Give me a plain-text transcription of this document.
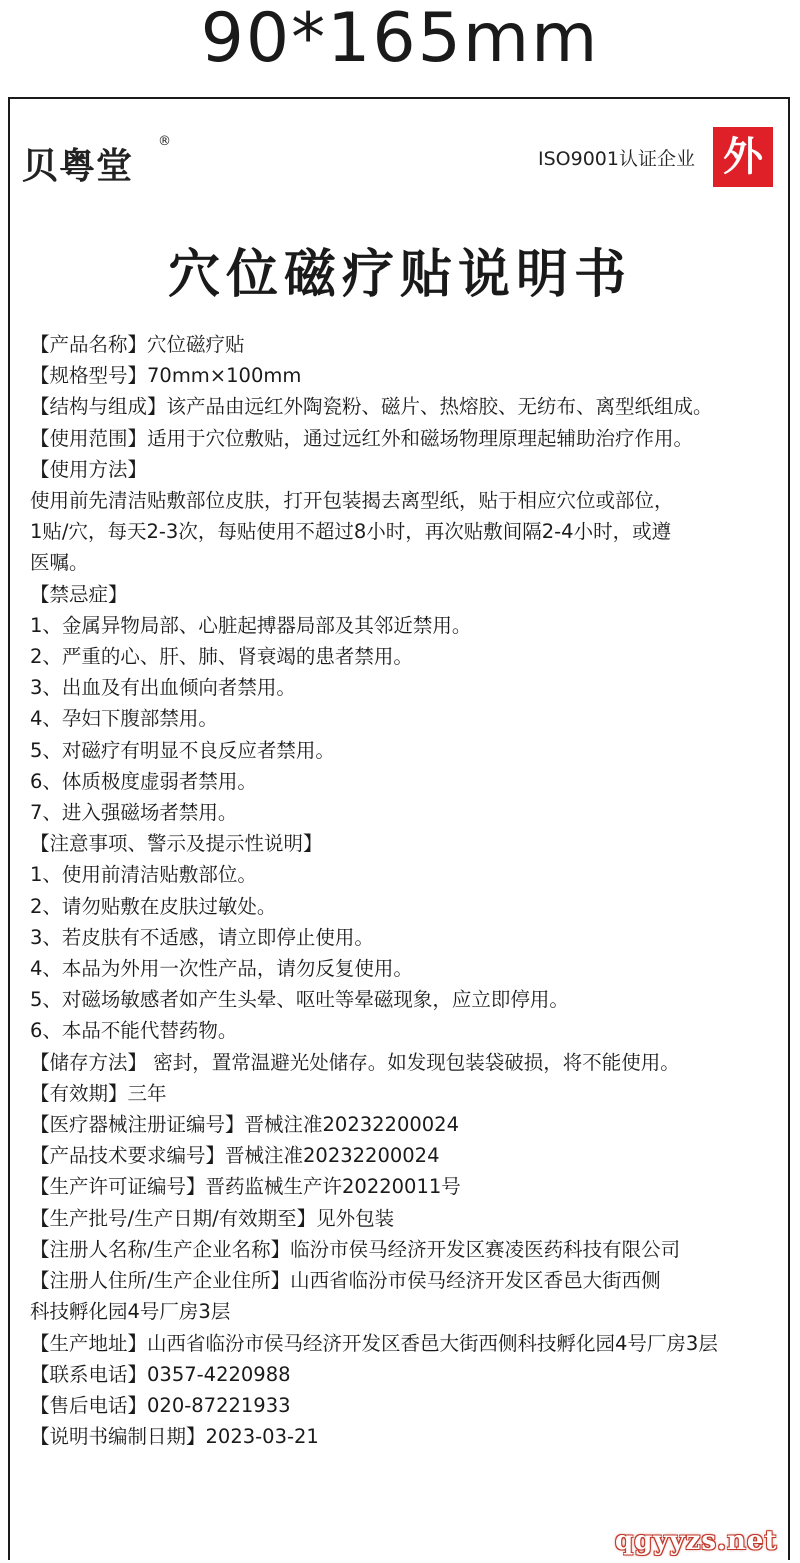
90*165mm
贝粤堂
®
ISO9001认证企业 外
穴位磁疗贴说明书
【产品名称】穴位磁疗贴
【规格型号】70mm×100mm
【结构与组成】该产品由远红外陶瓷粉、磁片、热熔胶、无纺布、离型纸组成。
【使用范围】适用于穴位敷贴，通过远红外和磁场物理原理起辅助治疗作用。
【使用方法】
使用前先清洁贴敷部位皮肤，打开包装揭去离型纸，贴于相应穴位或部位，
1贴/穴，每天2-3次，每贴使用不超过8小时，再次贴敷间隔2-4小时，或遵
医嘱。
【禁忌症】
1、金属异物局部、心脏起搏器局部及其邻近禁用。
2、严重的心、肝、肺、肾衰竭的患者禁用。
3、出血及有出血倾向者禁用。
4、孕妇下腹部禁用。
5、对磁疗有明显不良反应者禁用。
6、体质极度虚弱者禁用。
7、进入强磁场者禁用。
【注意事项、警示及提示性说明】
1、使用前清洁贴敷部位。
2、请勿贴敷在皮肤过敏处。
3、若皮肤有不适感，请立即停止使用。
4、本品为外用一次性产品，请勿反复使用。
5、对磁场敏感者如产生头晕、呕吐等晕磁现象，应立即停用。
6、本品不能代替药物。
【储存方法】 密封，置常温避光处储存。如发现包装袋破损，将不能使用。
【有效期】三年
【医疗器械注册证编号】晋械注准20232200024
【产品技术要求编号】晋械注准20232200024
【生产许可证编号】晋药监械生产许20220011号
【生产批号/生产日期/有效期至】见外包装
【注册人名称/生产企业名称】临汾市侯马经济开发区赛凌医药科技有限公司
【注册人住所/生产企业住所】山西省临汾市侯马经济开发区香邑大街西侧
科技孵化园4号厂房3层
【生产地址】山西省临汾市侯马经济开发区香邑大街西侧科技孵化园4号厂房3层
【联系电话】0357-4220988
【售后电话】020-87221933
【说明书编制日期】2023-03-21
qgyyzs.net
